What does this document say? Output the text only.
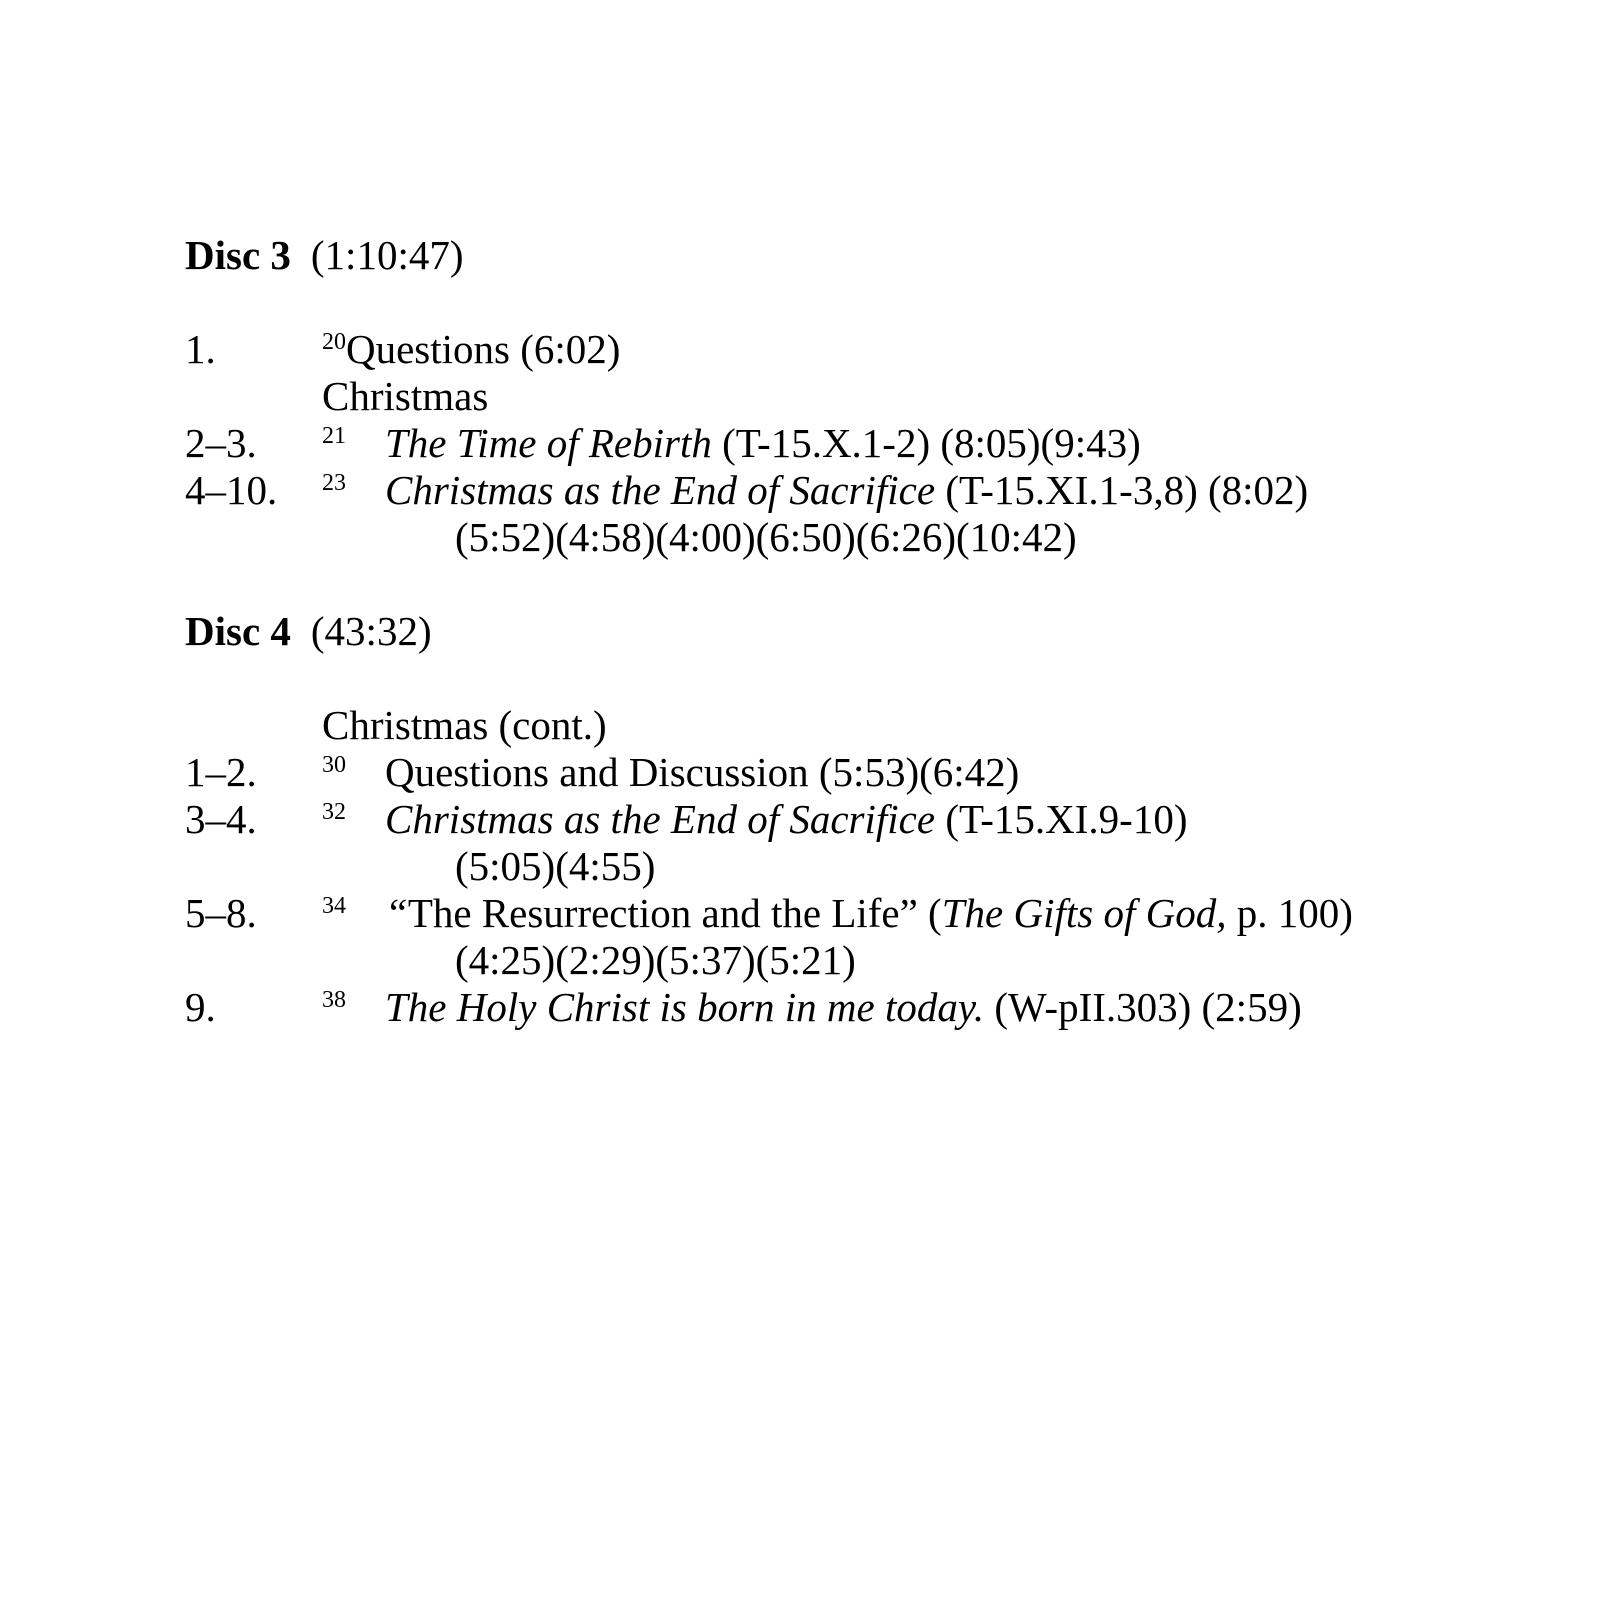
Disc 3 (1:10:47)
1.	$^{20}$Questions (6:02)
Christmas
2–3.	$^{21}$ The Time of Rebirth (T-15.X.1-2) (8:05)(9:43)
4–10. $^{23}$ Christmas as the End of Sacrifice (T-15.XI.1-3,8) (8:02)
(5:52)(4:58)(4:00)(6:50)(6:26)(10:42)
Disc 4 (43:32)
Christmas (cont.)
1–2.	$^{30}$ Questions and Discussion (5:53)(6:42)
3–4.	$^{32}$ Christmas as the End of Sacrifice (T-15.XI.9-10)
(5:05)(4:55)
5–8.	$^{34}$ “The Resurrection and the Life” (The Gifts of God, p. 100)
(4:25)(2:29)(5:37)(5:21)
9.	$^{38}$ The Holy Christ is born in me today. (W-pII.303) (2:59)
